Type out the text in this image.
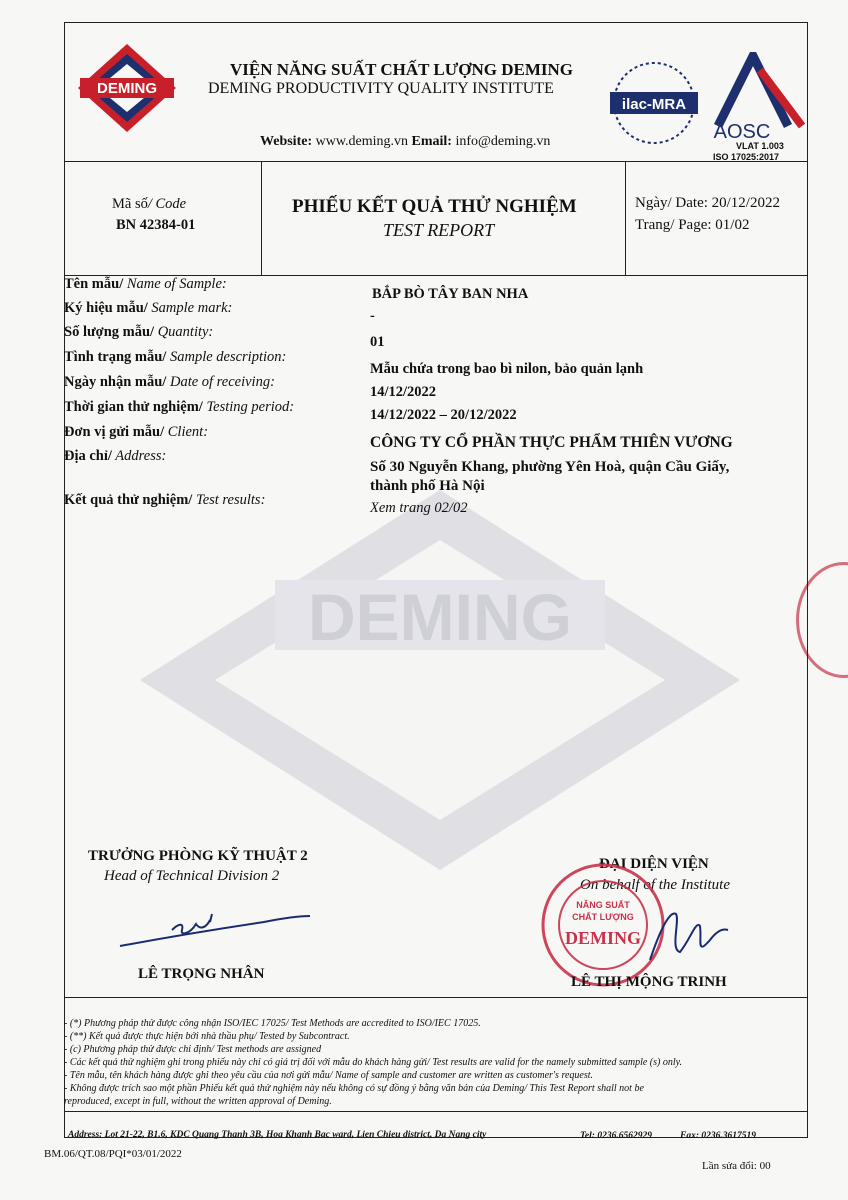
DEMING
DEMING
VIỆN NĂNG SUẤT CHẤT LƯỢNG DEMING
DEMING PRODUCTIVITY QUALITY INSTITUTE
Website: www.deming.vn Email: info@deming.vn
ilac-MRA
AOSC
VLAT 1.003
ISO 17025:2017
Mã số/ Code
BN 42384-01
PHIẾU KẾT QUẢ THỬ NGHIỆM
TEST REPORT
Ngày/ Date: 20/12/2022
Trang/ Page: 01/02
Tên mẫu/ Name of Sample:
BẮP BÒ TÂY BAN NHA
Ký hiệu mẫu/ Sample mark:	-
Số lượng mẫu/ Quantity:
01
Tình trạng mẫu/ Sample description:
Mẫu chứa trong bao bì nilon, bảo quản lạnh
Ngày nhận mẫu/ Date of receiving:
14/12/2022
Thời gian thử nghiệm/ Testing period:	14/12/2022 – 20/12/2022
Đơn vị gửi mẫu/ Client:
CÔNG TY CỔ PHẦN THỰC PHẨM THIÊN VƯƠNG
Địa chỉ/ Address:
Số 30 Nguyễn Khang, phường Yên Hoà, quận Cầu Giấy,
thành phố Hà Nội
Kết quả thử nghiệm/ Test results:	Xem trang 02/02
TRƯỞNG PHÒNG KỸ THUẬT 2
Head of Technical Division 2
LÊ TRỌNG NHÂN
ĐẠI DIỆN VIỆN
On behalf of the Institute
NĂNG SUẤT
CHẤT LƯỢNG
DEMING
LÊ THỊ MỘNG TRINH
- (*) Phương pháp thử được công nhận ISO/IEC 17025/ Test Methods are accredited to ISO/IEC 17025.
- (**) Kết quả được thực hiện bởi nhà thầu phụ/ Tested by Subcontract.
- (c) Phương pháp thử được chỉ định/ Test methods are assigned
- Các kết quả thử nghiệm ghi trong phiếu này chỉ có giá trị đối với mẫu do khách hàng gửi/ Test results are valid for the namely submitted sample (s) only.
- Tên mẫu, tên khách hàng được ghi theo yêu cầu của nơi gửi mẫu/ Name of sample and customer are written as customer's request.
- Không được trích sao một phần Phiếu kết quả thử nghiệm này nếu không có sự đồng ý bằng văn bản của Deming/ This Test Report shall not be
reproduced, except in full, without the written approval of Deming.
Address: Lot 21-22, B1.6, KDC Quang Thanh 3B, Hoa Khanh Bac ward, Lien Chieu district, Da Nang city	Tel: 0236.6562929	Fax: 0236.3617519
BM.06/QT.08/PQI*03/01/2022
Lần sửa đổi: 00
